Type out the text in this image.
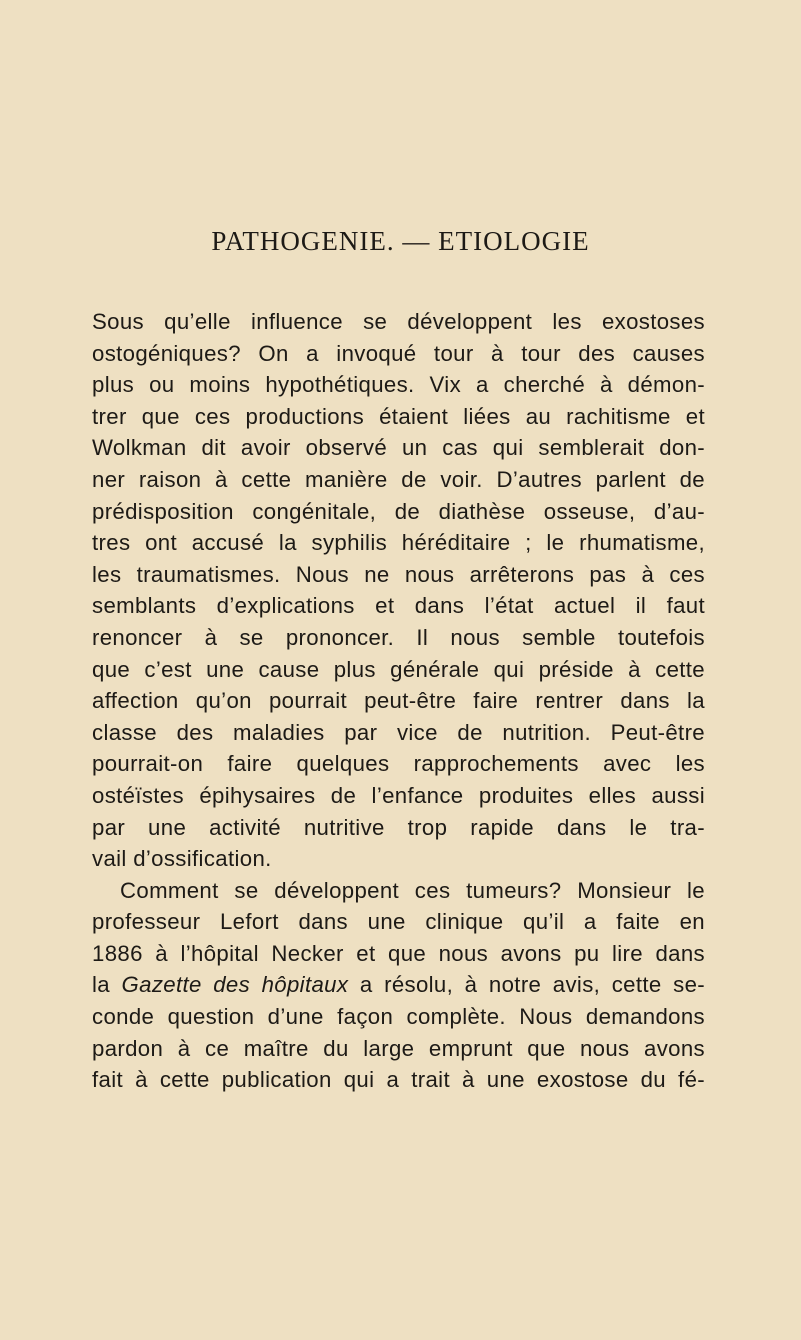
PATHOGENIE. — ETIOLOGIE
Sous qu’elle influence se développent les exostoses
ostogéniques? On a invoqué tour à tour des causes
plus ou moins hypothétiques. Vix a cherché à démon-
trer que ces productions étaient liées au rachitisme et
Wolkman dit avoir observé un cas qui semblerait don-
ner raison à cette manière de voir. D’autres parlent de
prédisposition congénitale, de diathèse osseuse, d’au-
tres ont accusé la syphilis héréditaire ; le rhumatisme,
les traumatismes. Nous ne nous arrêterons pas à ces
semblants d’explications et dans l’état actuel il faut
renoncer à se prononcer. Il nous semble toutefois
que c’est une cause plus générale qui préside à cette
affection qu’on pourrait peut-être faire rentrer dans la
classe des maladies par vice de nutrition. Peut-être
pourrait-on faire quelques rapprochements avec les
ostéïstes épihysaires de l’enfance produites elles aussi
par une activité nutritive trop rapide dans le tra-
vail d’ossification.
Comment se développent ces tumeurs? Monsieur le
professeur Lefort dans une clinique qu’il a faite en
1886 à l’hôpital Necker et que nous avons pu lire dans
la Gazette des hôpitaux a résolu, à notre avis, cette se-
conde question d’une façon complète. Nous demandons
pardon à ce maître du large emprunt que nous avons
fait à cette publication qui a trait à une exostose du fé-
